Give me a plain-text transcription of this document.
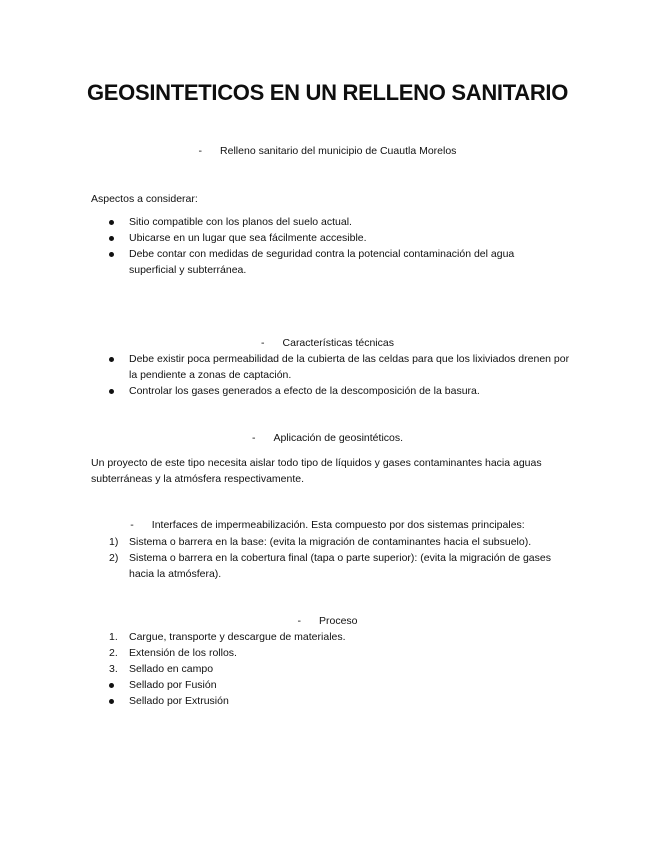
GEOSINTETICOS EN UN RELLENO SANITARIO
- Relleno sanitario del municipio de Cuautla Morelos
Aspectos a considerar:
Sitio compatible con los planos del suelo actual.
Ubicarse en un lugar que sea fácilmente accesible.
Debe contar con medidas de seguridad contra la potencial contaminación del agua superficial y subterránea.
- Características técnicas
Debe existir poca permeabilidad de la cubierta de las celdas para que los lixiviados drenen por la pendiente a zonas de captación.
Controlar los gases generados a efecto de la descomposición de la basura.
- Aplicación de geosintéticos.
Un proyecto de este tipo necesita aislar todo tipo de líquidos y gases contaminantes hacia aguas subterráneas y la atmósfera respectivamente.
- Interfaces de impermeabilización. Esta compuesto por dos sistemas principales:
1) Sistema o barrera en la base: (evita la migración de contaminantes hacia el subsuelo).
2) Sistema o barrera en la cobertura final (tapa o parte superior): (evita la migración de gases hacia la atmósfera).
- Proceso
1. Cargue, transporte y descargue de materiales.
2. Extensión de los rollos.
3. Sellado en campo
Sellado por Fusión
Sellado por Extrusión
